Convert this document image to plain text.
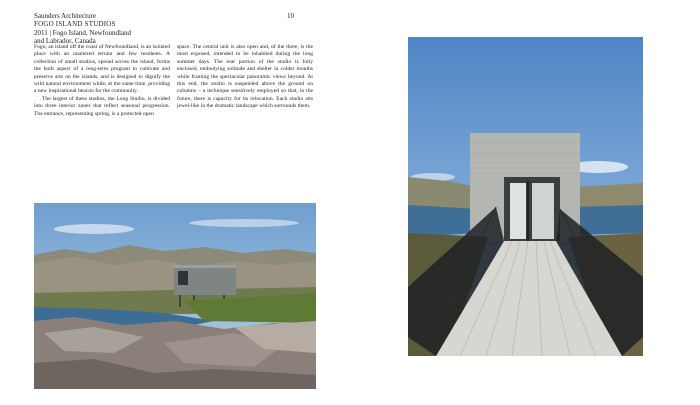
Saunders Architecture
FOGO ISLAND STUDIOS
2011 | Fogo Island, Newfoundland
and Labrador, Canada
10

Fogo, an island off the coast of Newfoundland, is an isolated place with an unaltered terrain and few residents. A collection of small studios, spread across the island, forms the built aspect of a long-term program to cultivate and preserve arts on the islands, and is designed to dignify the wild natural environment while, at the same time, providing a new inspirational beacon for the community.

The largest of these studios, the Long Studio, is divided into three interior zones that reflect seasonal progression. The entrance, representing spring, is a protected open

space. The central unit is also open and, of the three, is the most exposed, intended to be inhabited during the long summer days. The rear portion of the studio is fully enclosed, embodying solitude and shelter in colder months while framing the spectacular panoramic views beyond. At this end, the studio is suspended above the ground on columns – a technique sensitively employed so that, in the future, there is capacity for its relocation. Each studio sits jewel-like in the dramatic landscape which surrounds them.
